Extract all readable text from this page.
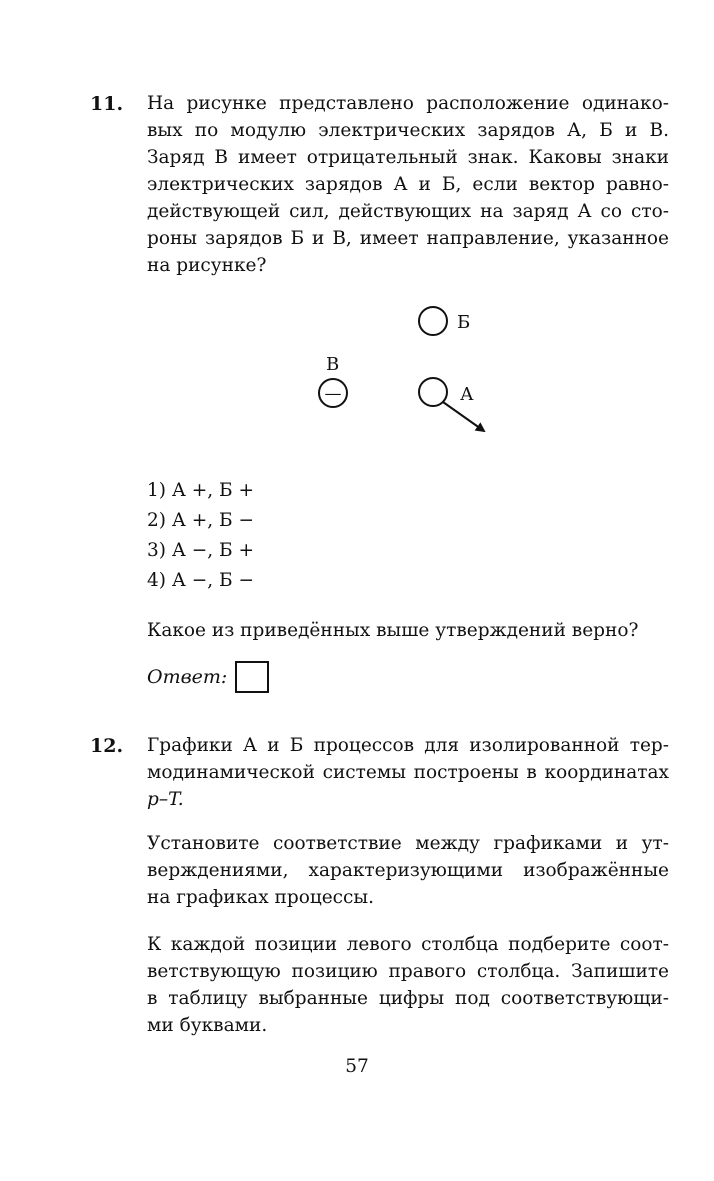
11. На рисунке представлено расположение одинако-
вых по модулю электрических зарядов А, Б и В.
Заряд В имеет отрицательный знак. Каковы знаки
электрических зарядов А и Б, если вектор равно-
действующей сил, действующих на заряд А со сто-
роны зарядов Б и В, имеет направление, указанное
на рисунке?

Б
В
—	А
1) А +, Б +
2) А +, Б −
3) А −, Б +
4) А −, Б −

Какое из приведённых выше утверждений верно?

Ответ:
12. Графики А и Б процессов для изолированной тер-
модинамической системы построены в координатах
p–T.

Установите соответствие между графиками и ут-
верждениями, характеризующими изображённые
на графиках процессы.

К каждой позиции левого столбца подберите соот-
ветствующую позицию правого столбца. Запишите
в таблицу выбранные цифры под соответствующи-
ми буквами.

57
